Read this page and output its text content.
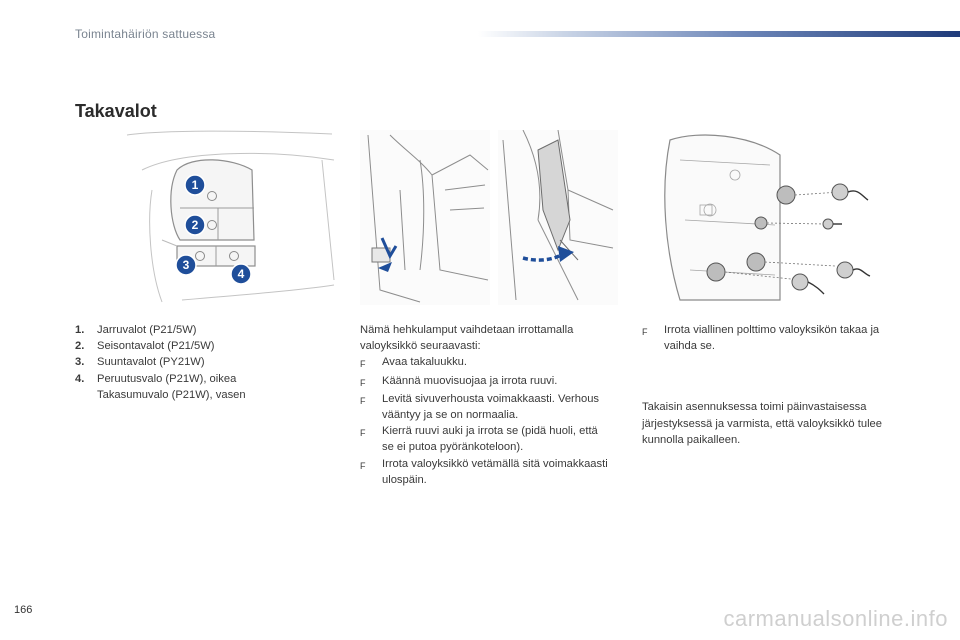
Toimintahäiriön sattuessa
Takavalot
1
2
3
4
1.	Jarruvalot (P21/5W)
2.	Seisontavalot (P21/5W)
3.	Suuntavalot (PY21W)
4.	Peruutusvalo (P21W), oikea Takasumuvalo (P21W), vasen
Nämä hehkulamput vaihdetaan irrottamalla valoyksikkö seuraavasti:
F	Avaa takaluukku.
F	Käännä muovisuojaa ja irrota ruuvi.
F	Levitä sivuverhousta voimakkaasti. Verhous vääntyy ja se on normaalia.
F	Kierrä ruuvi auki ja irrota se (pidä huoli, että se ei putoa pyöränkoteloon).
F	Irrota valoyksikkö vetämällä sitä voimakkaasti ulospäin.
F	Irrota viallinen polttimo valoyksikön takaa ja vaihda se.
Takaisin asennuksessa toimi päinvastaisessa järjestyksessä ja varmista, että valoyksikkö tulee kunnolla paikalleen.
166	carmanualsonline.info
